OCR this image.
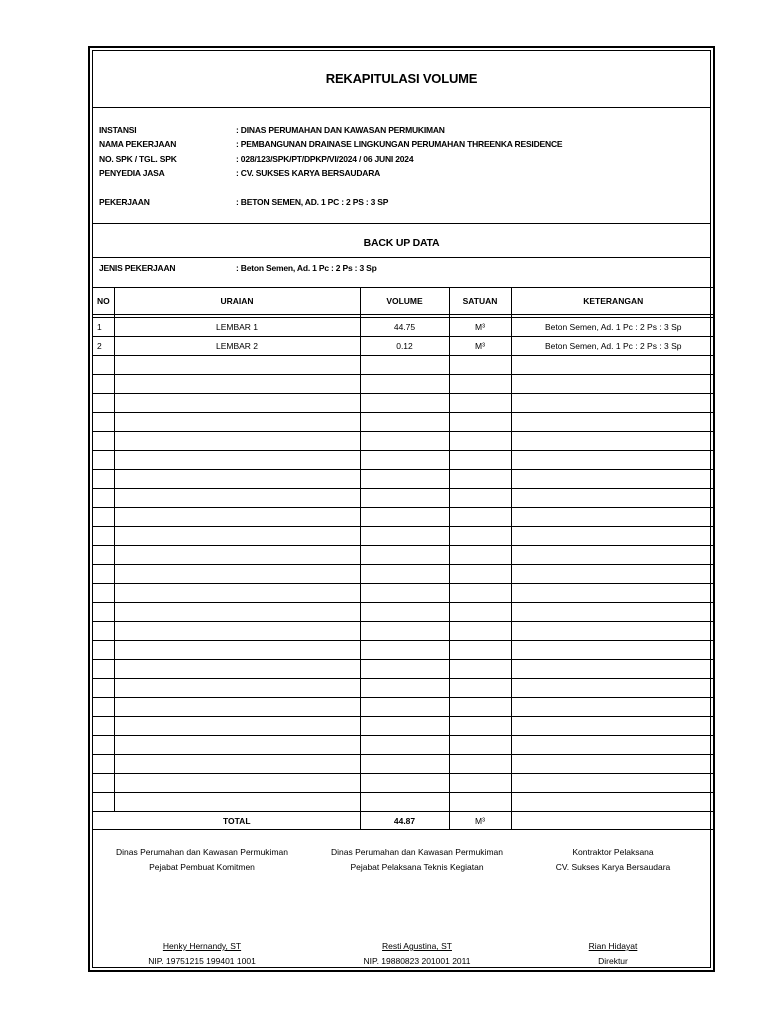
REKAPITULASI VOLUME
INSTANSI	: DINAS PERUMAHAN DAN KAWASAN PERMUKIMAN
NAMA PEKERJAAN	: PEMBANGUNAN DRAINASE LINGKUNGAN PERUMAHAN THREENKA RESIDENCE
NO. SPK / TGL. SPK	: 028/123/SPK/PT/DPKP/VI/2024 / 06 JUNI 2024
PENYEDIA JASA	: CV. SUKSES KARYA BERSAUDARA
PEKERJAAN	: BETON SEMEN, AD. 1 PC : 2 PS : 3 SP
BACK UP DATA
JENIS PEKERJAAN	: Beton Semen, Ad. 1 Pc : 2 Ps : 3 Sp
NO	URAIAN	VOLUME	SATUAN	KETERANGAN

1	LEMBAR 1	44.75	M³	Beton Semen, Ad. 1 Pc : 2 Ps : 3 Sp
2	LEMBAR 2	0.12	M³	Beton Semen, Ad. 1 Pc : 2 Ps : 3 Sp

	TOTAL	44.87	M³	
Dinas Perumahan dan Kawasan Permukiman
Pejabat Pembuat Komitmen
Henky Hernandy, ST
NIP. 19751215 199401 1001
Dinas Perumahan dan Kawasan Permukiman
Pejabat Pelaksana Teknis Kegiatan
Resti Agustina, ST
NIP. 19880823 201001 2011
Kontraktor Pelaksana
CV. Sukses Karya Bersaudara
Rian Hidayat
Direktur
